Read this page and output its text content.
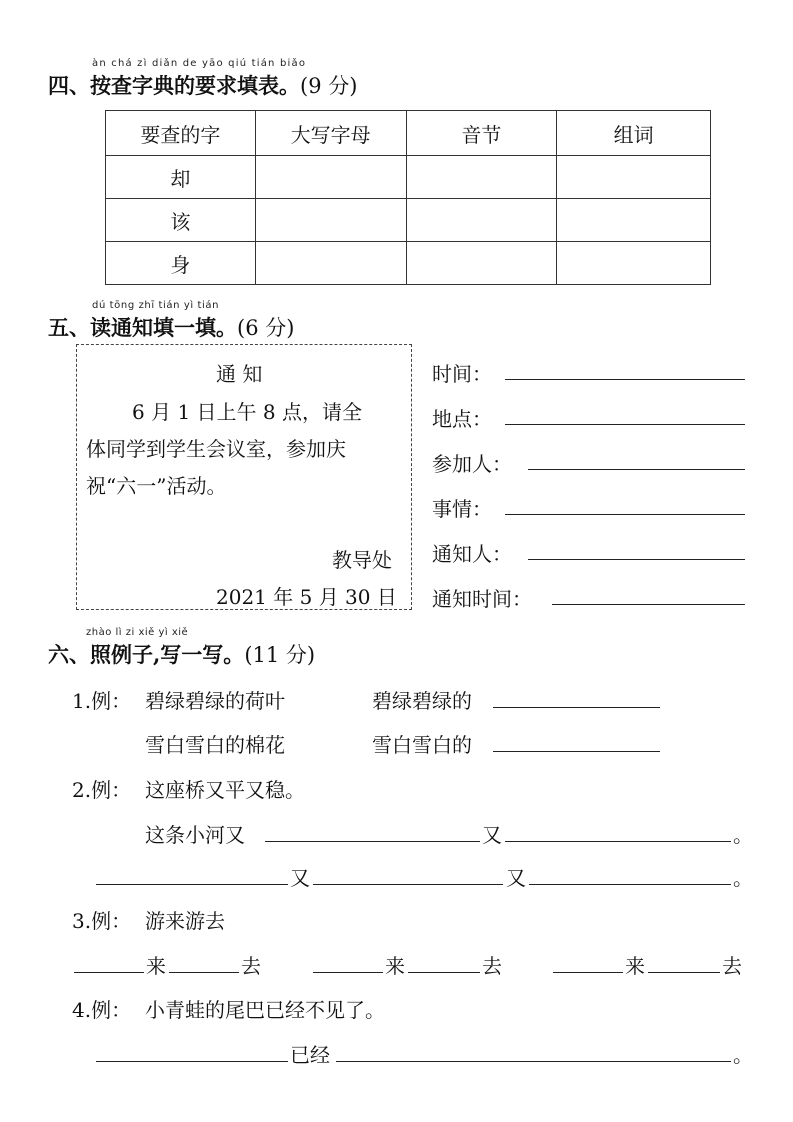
àn chá zì diǎn de yāo qiú tián biǎo
四、按查字典的要求填表。(9 分)
要查的字	大写字母	音节	组词
却			
该			
身			
dú tōng zhī tián yì tián
五、读通知填一填。(6 分)
通 知
6 月 1 日上午 8 点，请全
体同学到学生会议室，参加庆
祝“六一”活动。
教导处
2021 年 5 月 30 日
时间：
地点：
参加人：
事情：
通知人：
通知时间：
zhào lì zi xiě yì xiě
六、照例子,写一写。(11 分)
1.例： 碧绿碧绿的荷叶	碧绿碧绿的
雪白雪白的棉花	雪白雪白的
2.例： 这座桥又平又稳。
这条小河又	又	。
又	又	。
3.例： 游来游去
来	去	来	去	来	去
4.例： 小青蛙的尾巴已经不见了。
已经	。
